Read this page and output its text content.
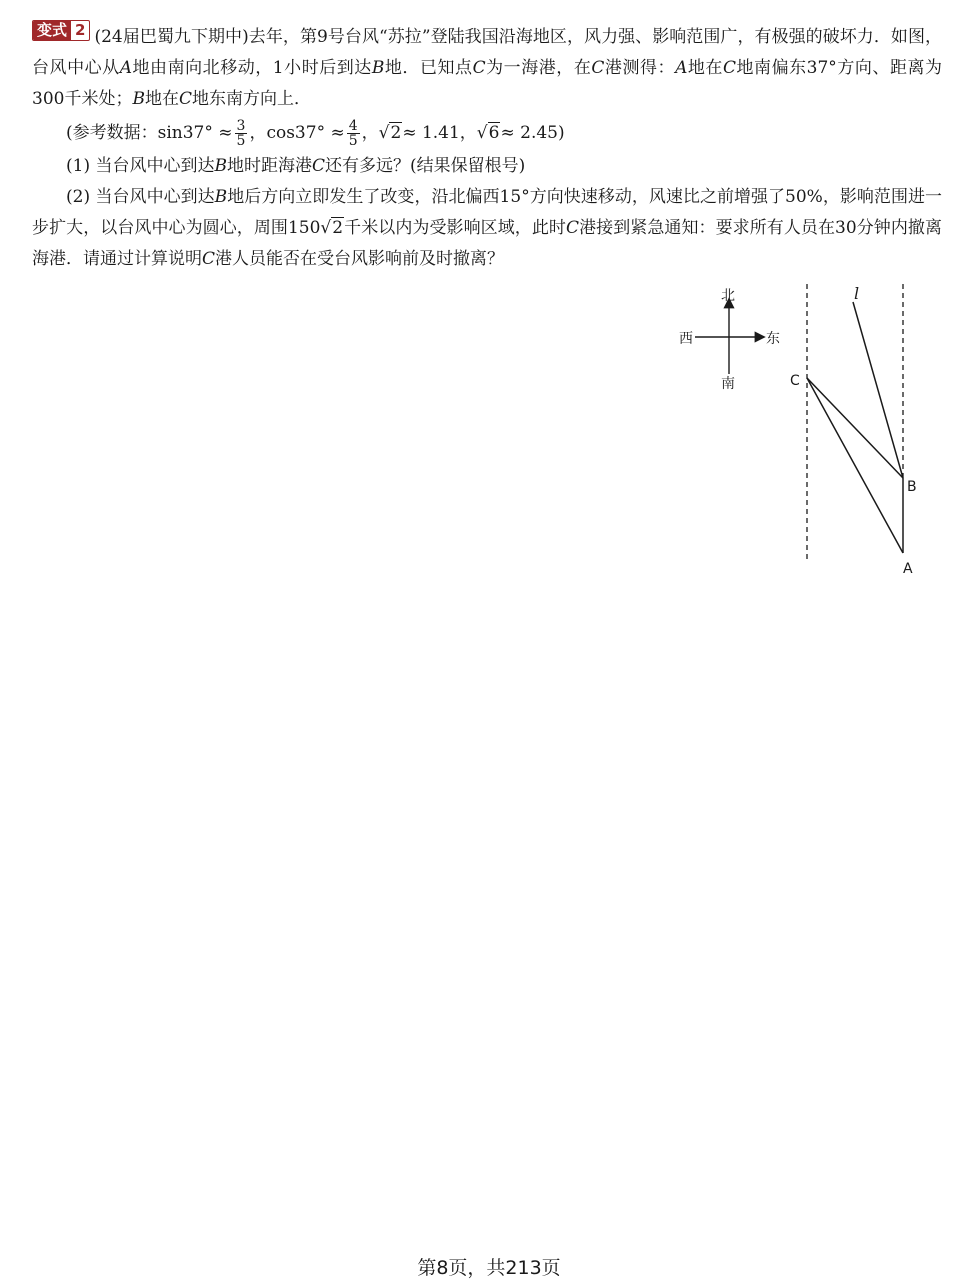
变式 2 (24届巴蜀九下期中)去年，第9号台风“苏拉”登陆我国沿海地区，风力强、影响范围广，有极强的破坏力．如图，台风中心从A地由南向北移动，1小时后到达B地．已知点C为一海港，在C港测得：A地在C地南偏东37°方向、距离为300千米处；B地在C地东南方向上．

(参考数据：$\sin 37^\circ \approx \frac{3}{5}$ ，$\cos 37^\circ \approx \frac{4}{5}$ ，√2≈ 1.41，√6≈ 2.45)

(1) 当台风中心到达B地时距海港C还有多远？(结果保留根号)

(2) 当台风中心到达B地后方向立即发生了改变，沿北偏西15°方向快速移动，风速比之前增强了50%，影响范围进一步扩大，以台风中心为圆心，周围150√2千米以内为受影响区域，此时C港接到紧急通知：要求所有人员在30分钟内撤离海港．请通过计算说明C港人员能否在受台风影响前及时撤离？

北
南
西	东
C
B
A
l
第8页，共213页
